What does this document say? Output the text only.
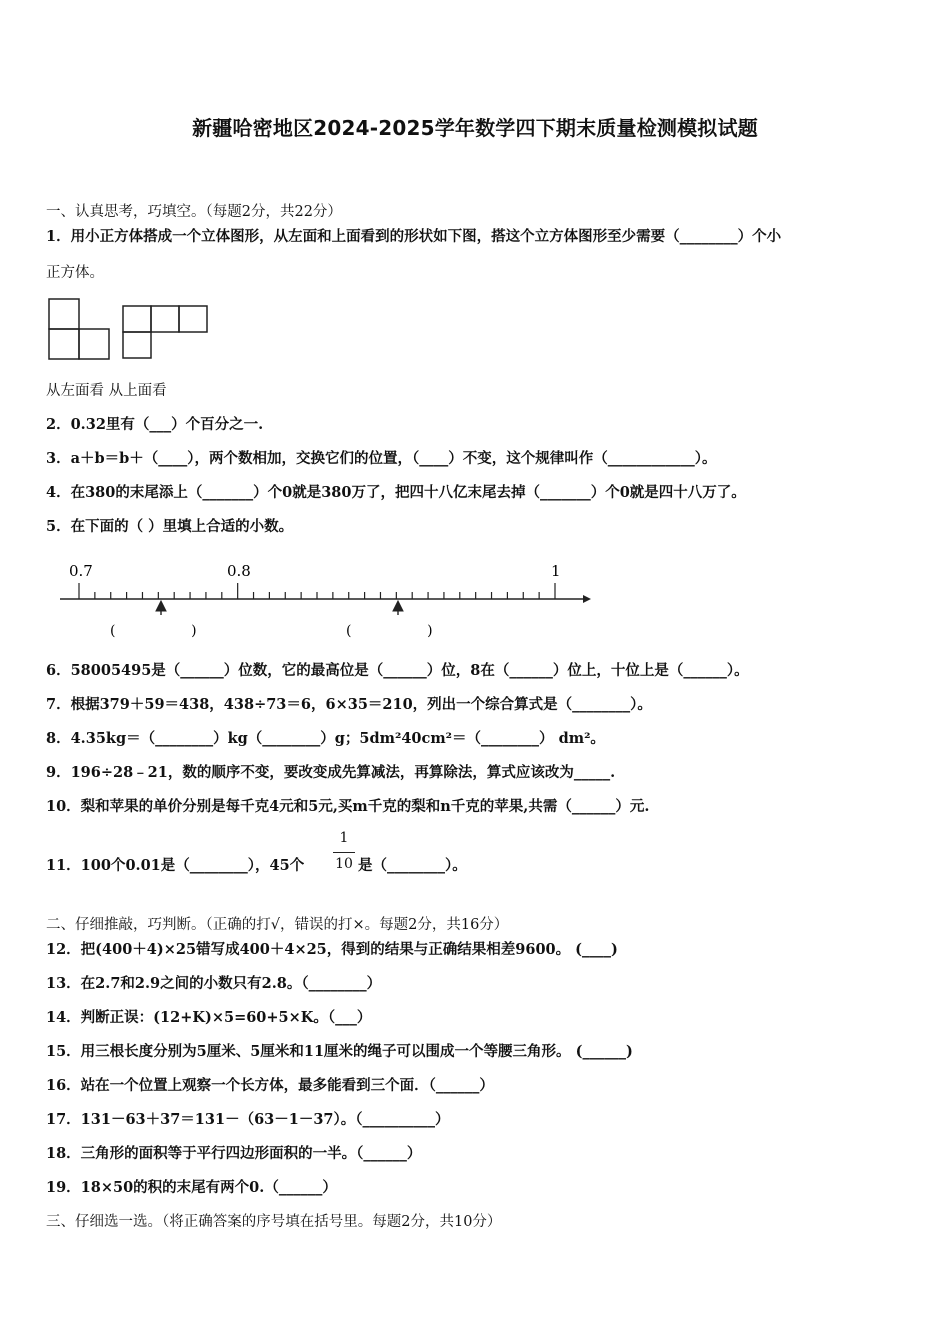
新疆哈密地区2024-2025学年数学四下期末质量检测模拟试题
一、认真思考，巧填空。（每题2分，共22分）
1．用小正方体搭成一个立体图形，从左面和上面看到的形状如下图，搭这个立方体图形至少需要（________）个小
正方体。
从左面看 从上面看
2．0.32里有（___）个百分之一.
3．a＋b＝b＋（____），两个数相加，交换它们的位置，（____）不变，这个规律叫作（____________）。
4．在380的末尾添上（_______）个0就是380万了，把四十八亿末尾去掉（_______）个0就是四十八万了。
5．在下面的（ ）里填上合适的小数。
0.7	0.8	1
(                 )	(                 )
6．58005495是（______）位数，它的最高位是（______）位，8在（______）位上，十位上是（______）。
7．根据379＋59＝438，438÷73＝6，6×35＝210，列出一个综合算式是（________）。
8．4.35kg＝（________）kg（________）g；5dm²40cm²＝（________） dm²。
9．196÷28﹣21，数的顺序不变，要改变成先算减法，再算除法，算式应该改为_____.
10．梨和苹果的单价分别是每千克4元和5元,买m千克的梨和n千克的苹果,共需（______）元.
11．100个0.01是（________），45个
1
10 是（________）。
二、仔细推敲，巧判断。（正确的打√，错误的打×。每题2分，共16分）
12．把(400＋4)×25错写成400＋4×25，得到的结果与正确结果相差9600。 (____)
13．在2.7和2.9之间的小数只有2.8。（________）
14．判断正误：(12+K)×5=60+5×K。（___）
15．用三根长度分别为5厘米、5厘米和11厘米的绳子可以围成一个等腰三角形。 (______)
16．站在一个位置上观察一个长方体，最多能看到三个面．（______）
17．131－63＋37＝131－（63－1－37）。（__________）
18．三角形的面积等于平行四边形面积的一半。（______）
19．18×50的积的末尾有两个0.（______）
三、仔细选一选。（将正确答案的序号填在括号里。每题2分，共10分）
